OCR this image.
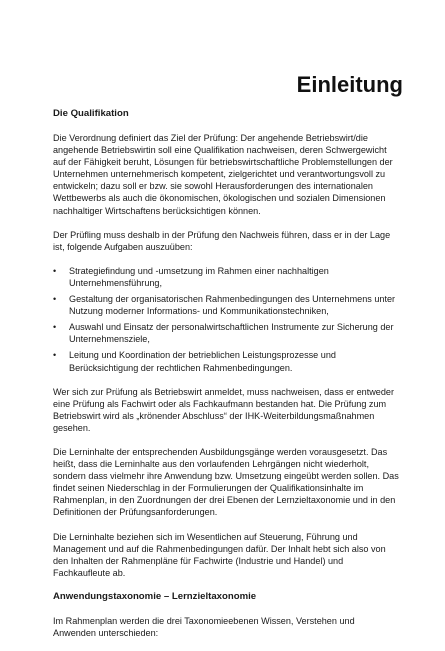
Einleitung
Die Qualifikation

Die Verordnung definiert das Ziel der Prüfung: Der angehende Betriebswirt/die angehende Betriebswirtin soll eine Qualifikation nachweisen, deren Schwergewicht auf der Fähigkeit beruht, Lösungen für betriebswirtschaftliche Problemstellungen der Unternehmen unternehmerisch kompetent, zielgerichtet und verantwortungsvoll zu entwickeln; dazu soll er bzw. sie sowohl Herausforderungen des internationalen Wettbewerbs als auch die ökonomischen, ökologischen und sozialen Dimensionen nachhaltiger Wirtschaftens berücksichtigen können.

Der Prüfling muss deshalb in der Prüfung den Nachweis führen, dass er in der Lage ist, folgende Aufgaben auszuüben:

• Strategiefindung und -umsetzung im Rahmen einer nachhaltigen Unternehmensführung,
• Gestaltung der organisatorischen Rahmenbedingungen des Unternehmens unter Nutzung moderner Informations- und Kommunikationstechniken,
• Auswahl und Einsatz der personalwirtschaftlichen Instrumente zur Sicherung der Unternehmensziele,
• Leitung und Koordination der betrieblichen Leistungsprozesse und Berücksichtigung der rechtlichen Rahmenbedingungen.

Wer sich zur Prüfung als Betriebswirt anmeldet, muss nachweisen, dass er entweder eine Prüfung als Fachwirt oder als Fachkaufmann bestanden hat. Die Prüfung zum Betriebswirt wird als „krönender Abschluss“ der IHK-Weiterbildungsmaßnahmen gesehen.

Die Lerninhalte der entsprechenden Ausbildungsgänge werden vorausgesetzt. Das heißt, dass die Lerninhalte aus den vorlaufenden Lehrgängen nicht wiederholt, sondern dass vielmehr ihre Anwendung bzw. Umsetzung eingeübt werden sollen. Das findet seinen Niederschlag in der Formulierungen der Qualifikationsinhalte im Rahmenplan, in den Zuordnungen der drei Ebenen der Lernzieltaxonomie und in den Definitionen der Prüfungsanforderungen.

Die Lerninhalte beziehen sich im Wesentlichen auf Steuerung, Führung und Management und auf die Rahmenbedingungen dafür. Der Inhalt hebt sich also von den Inhalten der Rahmenpläne für Fachwirte (Industrie und Handel) und Fachkaufleute ab.

Anwendungstaxonomie – Lernzieltaxonomie

Im Rahmenplan werden die drei Taxonomieebenen Wissen, Verstehen und Anwenden unterschieden:
